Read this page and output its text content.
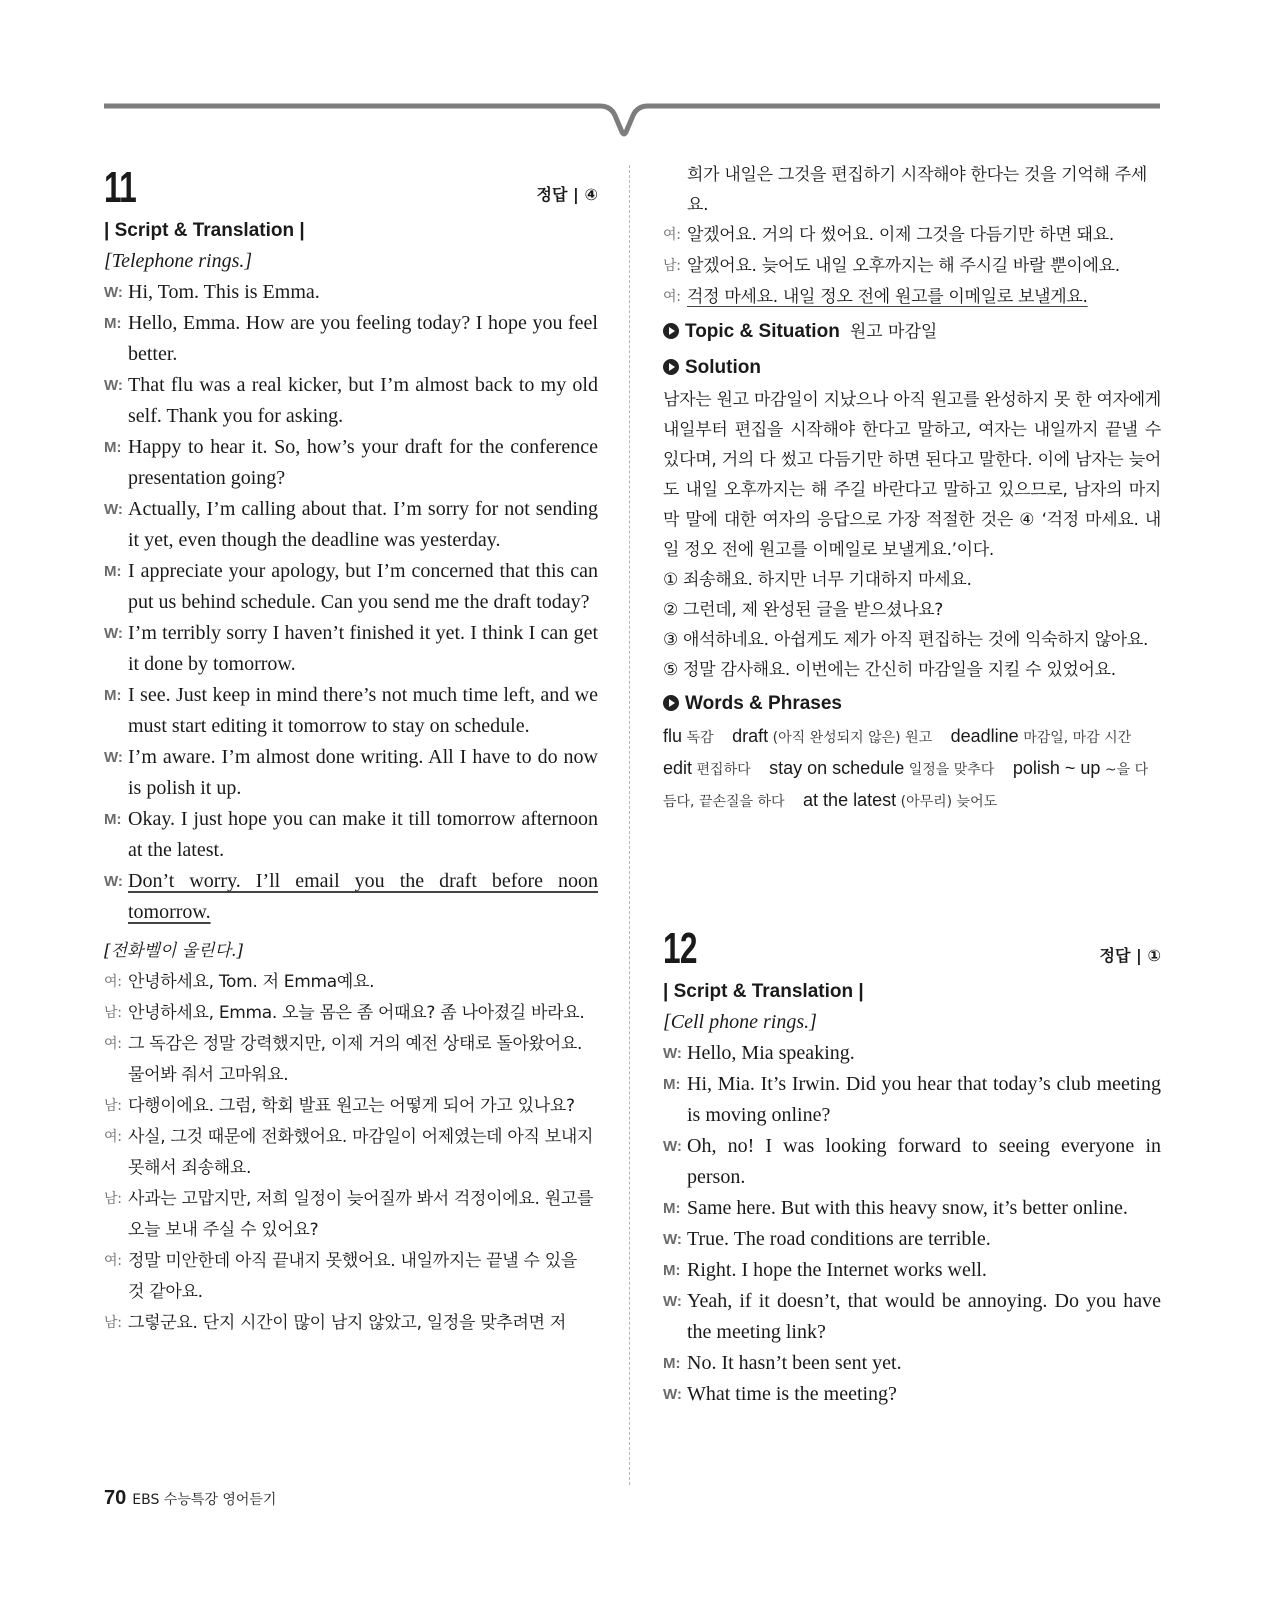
11	정답 | ④
| Script & Translation |
[Telephone rings.]
W: Hi, Tom. This is Emma.
M: Hello, Emma. How are you feeling today? I hope you feel better.
W: That flu was a real kicker, but I’m almost back to my old self. Thank you for asking.
M: Happy to hear it. So, how’s your draft for the conference presentation going?
W: Actually, I’m calling about that. I’m sorry for not sending it yet, even though the deadline was yesterday.
M: I appreciate your apology, but I’m concerned that this can put us behind schedule. Can you send me the draft today?
W: I’m terribly sorry I haven’t finished it yet. I think I can get it done by tomorrow.
M: I see. Just keep in mind there’s not much time left, and we must start editing it tomorrow to stay on schedule.
W: I’m aware. I’m almost done writing. All I have to do now is polish it up.
M: Okay. I just hope you can make it till tomorrow afternoon at the latest.
W: Don’t worry. I’ll email you the draft before noon tomorrow.
[전화벨이 울린다.]
여: 안녕하세요, Tom. 저 Emma예요.
남: 안녕하세요, Emma. 오늘 몸은 좀 어때요? 좀 나아졌길 바라요.
여: 그 독감은 정말 강력했지만, 이제 거의 예전 상태로 돌아왔어요. 물어봐 줘서 고마워요.
남: 다행이에요. 그럼, 학회 발표 원고는 어떻게 되어 가고 있나요?
여: 사실, 그것 때문에 전화했어요. 마감일이 어제였는데 아직 보내지 못해서 죄송해요.
남: 사과는 고맙지만, 저희 일정이 늦어질까 봐서 걱정이에요. 원고를 오늘 보내 주실 수 있어요?
여: 정말 미안한데 아직 끝내지 못했어요. 내일까지는 끝낼 수 있을 것 같아요.
남: 그렇군요. 단지 시간이 많이 남지 않았고, 일정을 맞추려면 저
희가 내일은 그것을 편집하기 시작해야 한다는 것을 기억해 주세요.
여: 알겠어요. 거의 다 썼어요. 이제 그것을 다듬기만 하면 돼요.
남: 알겠어요. 늦어도 내일 오후까지는 해 주시길 바랄 뿐이에요.
여: 걱정 마세요. 내일 정오 전에 원고를 이메일로 보낼게요.
Topic & Situation 원고 마감일
Solution
남자는 원고 마감일이 지났으나 아직 원고를 완성하지 못 한 여자에게 내일부터 편집을 시작해야 한다고 말하고, 여자는 내일까지 끝낼 수 있다며, 거의 다 썼고 다듬기만 하면 된다고 말한다. 이에 남자는 늦어도 내일 오후까지는 해 주길 바란다고 말하고 있으므로, 남자의 마지막 말에 대한 여자의 응답으로 가장 적절한 것은 ④ ‘걱정 마세요. 내일 정오 전에 원고를 이메일로 보낼게요.’이다.
① 죄송해요. 하지만 너무 기대하지 마세요.
② 그런데, 제 완성된 글을 받으셨나요?
③ 애석하네요. 아쉽게도 제가 아직 편집하는 것에 익숙하지 않아요.
⑤ 정말 감사해요. 이번에는 간신히 마감일을 지킬 수 있었어요.
Words & Phrases
flu 독감 draft (아직 완성되지 않은) 원고 deadline 마감일, 마감 시간 edit 편집하다 stay on schedule 일정을 맞추다 polish ~ up ~을 다듬다, 끝손질을 하다 at the latest (아무리) 늦어도
12	정답 | ①
| Script & Translation |
[Cell phone rings.]
W: Hello, Mia speaking.
M: Hi, Mia. It’s Irwin. Did you hear that today’s club meeting is moving online?
W: Oh, no! I was looking forward to seeing everyone in person.
M: Same here. But with this heavy snow, it’s better online.
W: True. The road conditions are terrible.
M: Right. I hope the Internet works well.
W: Yeah, if it doesn’t, that would be annoying. Do you have the meeting link?
M: No. It hasn’t been sent yet.
W: What time is the meeting?
70 EBS 수능특강 영어듣기
